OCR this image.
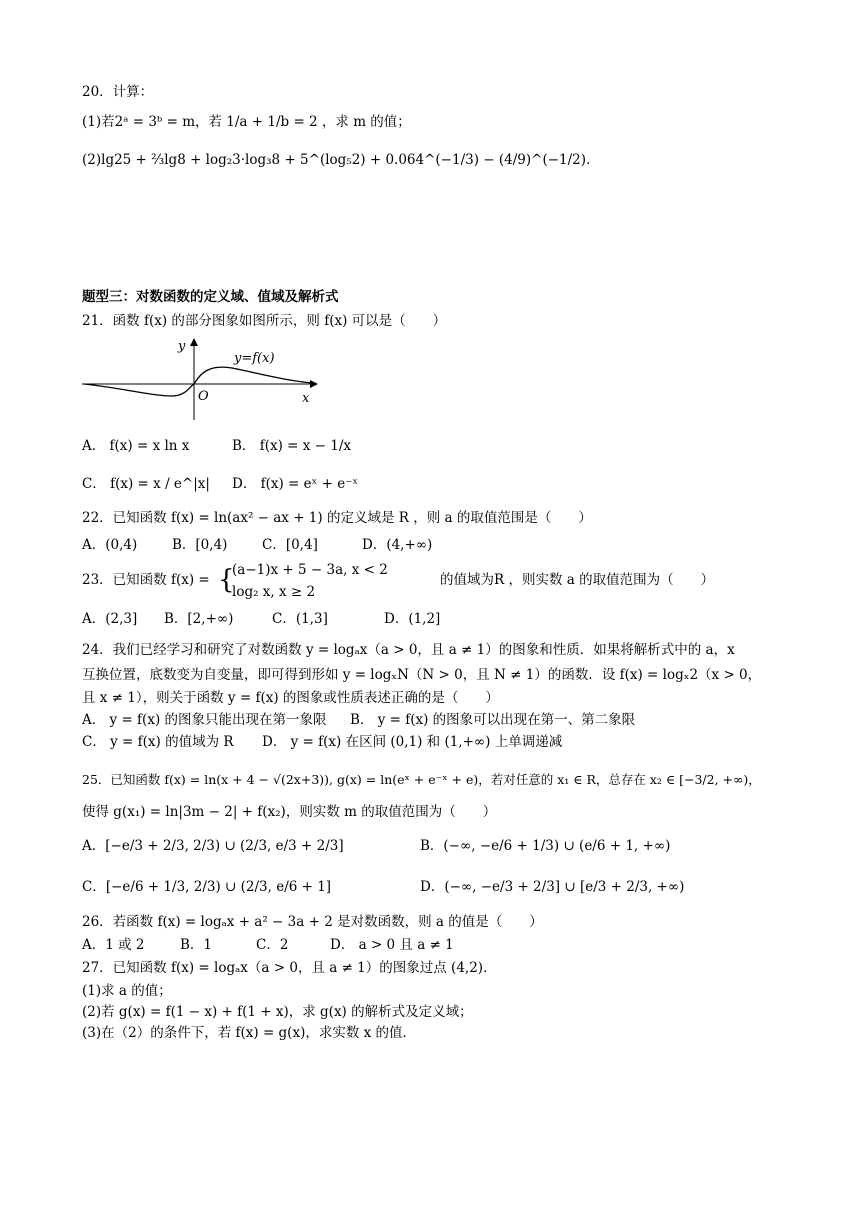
20．计算：
(1)若2ᵃ = 3ᵇ = m，若 1/a + 1/b = 2 ，求 m 的值；
(2)lg25 + ⅔lg8 + log₂3·log₃8 + 5^(log₅2) + 0.064^(−1/3) − (4/9)^(−1/2).
题型三：对数函数的定义域、值域及解析式
21．函数 f(x) 的部分图象如图所示，则 f(x) 可以是（　　）
y
x
O
y=f(x)
A． f(x) = x ln x	B． f(x) = x − 1/x
C． f(x) = x / e^|x| D． f(x) = eˣ + e⁻ˣ
22．已知函数 f(x) = ln(ax² − ax + 1) 的定义域是 R ，则 a 的取值范围是（　　）
A．(0,4)	B．[0,4)	C．[0,4]	D．(4,+∞)
23．已知函数 f(x) = {
(a−1)x + 5 − 3a, x < 2
log₂ x, x ≥ 2
的值域为R ，则实数 a 的取值范围为（　　）
A．(2,3] B．[2,+∞)	C．(1,3]	D．(1,2]
24．我们已经学习和研究了对数函数 y = logₐx（a > 0，且 a ≠ 1）的图象和性质．如果将解析式中的 a，x
互换位置，底数变为自变量，即可得到形如 y = logₓN（N > 0，且 N ≠ 1）的函数．设 f(x) = logₓ2（x > 0，
且 x ≠ 1），则关于函数 y = f(x) 的图象或性质表述正确的是（　　）
A． y = f(x) 的图象只能出现在第一象限 B． y = f(x) 的图象可以出现在第一、第二象限
C． y = f(x) 的值域为 R D． y = f(x) 在区间 (0,1) 和 (1,+∞) 上单调递减
25．已知函数 f(x) = ln(x + 4 − √(2x+3)), g(x) = ln(eˣ + e⁻ˣ + e)，若对任意的 x₁ ∈ R，总存在 x₂ ∈ [−3/2, +∞)，
使得 g(x₁) = ln|3m − 2| + f(x₂)，则实数 m 的取值范围为（　　）
A．[−e/3 + 2/3, 2/3) ∪ (2/3, e/3 + 2/3]	B．(−∞, −e/6 + 1/3) ∪ (e/6 + 1, +∞)
C．[−e/6 + 1/3, 2/3) ∪ (2/3, e/6 + 1]	D．(−∞, −e/3 + 2/3] ∪ [e/3 + 2/3, +∞)
26．若函数 f(x) = logₐx + a² − 3a + 2 是对数函数，则 a 的值是（　　）
A．1 或 2	B．1	C．2	D． a > 0 且 a ≠ 1
27．已知函数 f(x) = logₐx（a > 0，且 a ≠ 1）的图象过点 (4,2)．
(1)求 a 的值；
(2)若 g(x) = f(1 − x) + f(1 + x)，求 g(x) 的解析式及定义域；
(3)在（2）的条件下，若 f(x) = g(x)，求实数 x 的值．
